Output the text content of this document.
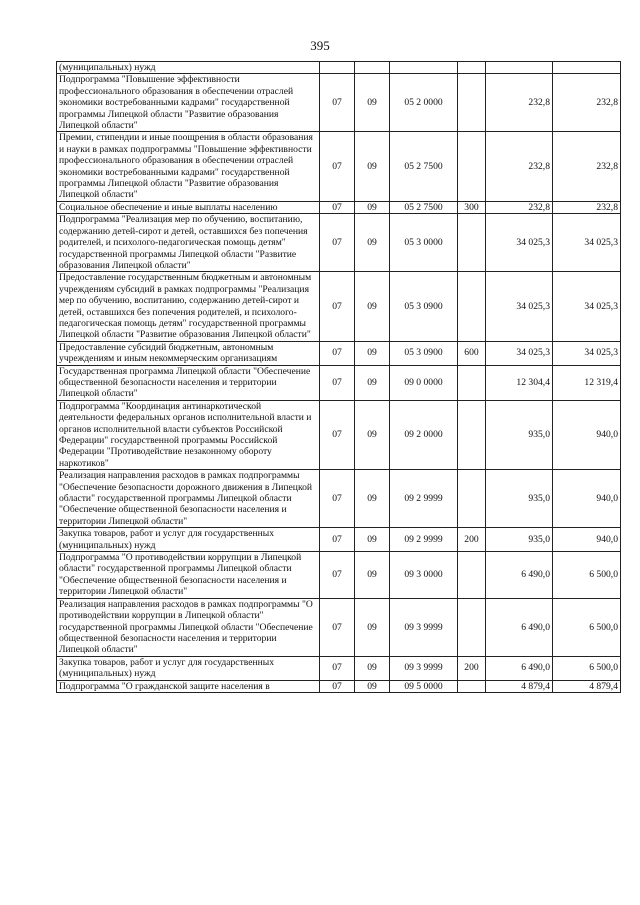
395
(муниципальных) нужд						
Подпрограмма "Повышение эффективности профессионального образования в обеспечении отраслей экономики востребованными кадрами" государственной программы Липецкой области "Развитие образования Липецкой области"	07	09	05 2 0000		232,8	232,8
Премии, стипендии и иные поощрения в области образования и науки в рамках подпрограммы "Повышение эффективности профессионального образования в обеспечении отраслей экономики востребованными кадрами" государственной программы Липецкой области "Развитие образования Липецкой области"	07	09	05 2 7500		232,8	232,8
Социальное обеспечение и иные выплаты населению	07	09	05 2 7500	300	232,8	232,8
Подпрограмма "Реализация мер по обучению, воспитанию, содержанию детей-сирот и детей, оставшихся без попечения родителей, и психолого-педагогическая помощь детям" государственной программы Липецкой области "Развитие образования Липецкой области"	07	09	05 3 0000		34 025,3	34 025,3
Предоставление государственным бюджетным и автономным учреждениям субсидий в рамках подпрограммы "Реализация мер по обучению, воспитанию, содержанию детей-сирот и детей, оставшихся без попечения родителей, и психолого-педагогическая помощь детям" государственной программы Липецкой области "Развитие образования Липецкой области"	07	09	05 3 0900		34 025,3	34 025,3
Предоставление субсидий бюджетным, автономным учреждениям и иным некоммерческим организациям	07	09	05 3 0900	600	34 025,3	34 025,3
Государственная программа Липецкой области "Обеспечение общественной безопасности населения и территории Липецкой области"	07	09	09 0 0000		12 304,4	12 319,4
Подпрограмма "Координация антинаркотической деятельности федеральных органов исполнительной власти и органов исполнительной власти субъектов Российской Федерации" государственной программы Российской Федерации "Противодействие незаконному обороту наркотиков"	07	09	09 2 0000		935,0	940,0
Реализация направления расходов в рамках подпрограммы "Обеспечение безопасности дорожного движения в Липецкой области" государственной программы Липецкой области "Обеспечение общественной безопасности населения и территории Липецкой области"	07	09	09 2 9999		935,0	940,0
Закупка товаров, работ и услуг для государственных (муниципальных) нужд	07	09	09 2 9999	200	935,0	940,0
Подпрограмма "О противодействии коррупции в Липецкой области" государственной программы Липецкой области "Обеспечение общественной безопасности населения и территории Липецкой области"	07	09	09 3 0000		6 490,0	6 500,0
Реализация направления расходов в рамках подпрограммы "О противодействии коррупции в Липецкой области" государственной программы Липецкой области "Обеспечение общественной безопасности населения и территории Липецкой области"	07	09	09 3 9999		6 490,0	6 500,0
Закупка товаров, работ и услуг для государственных (муниципальных) нужд	07	09	09 3 9999	200	6 490,0	6 500,0
Подпрограмма "О гражданской защите населения в	07	09	09 5 0000		4 879,4	4 879,4
